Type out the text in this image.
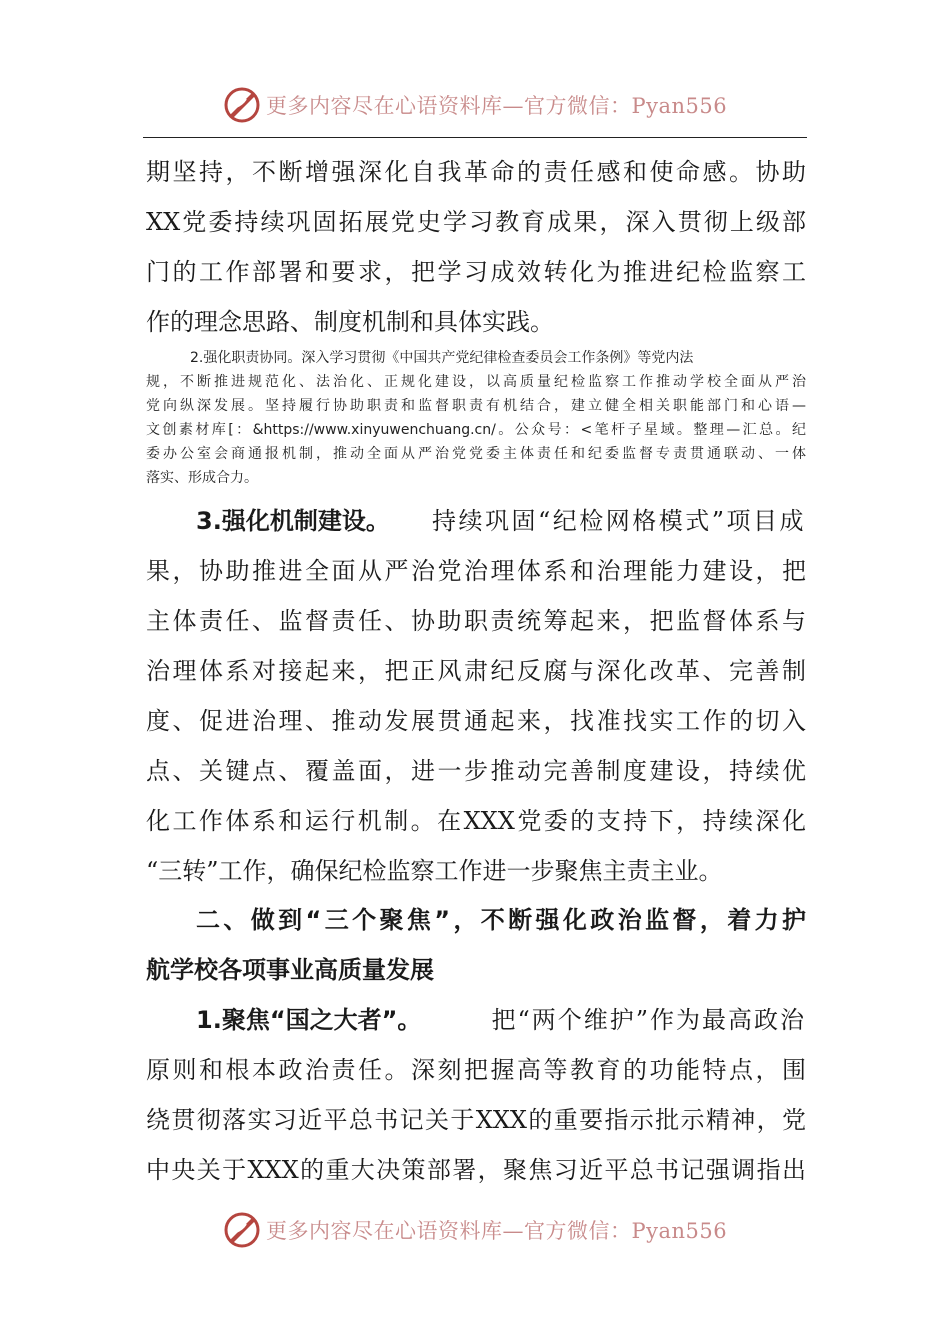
更多内容尽在心语资料库—官方微信：Pyan556
期坚持，不断增强深化自我革命的责任感和使命感。协助
XX党委持续巩固拓展党史学习教育成果，深入贯彻上级部
门的工作部署和要求，把学习成效转化为推进纪检监察工
作的理念思路、制度机制和具体实践。
2.强化职责协同。深入学习贯彻《中国共产党纪律检查委员会工作条例》等党内法
规，不断推进规范化、法治化、正规化建设，以高质量纪检监察工作推动学校全面从严治
党向纵深发展。坚持履行协助职责和监督职责有机结合，建立健全相关职能部门和心语—
文创素材库[：&https://www.xinyuwenchuang.cn/。公众号：<笔杆子星域。整理—汇总。纪
委办公室会商通报机制，推动全面从严治党党委主体责任和纪委监督专责贯通联动、一体
落实、形成合力。
3.强化机制建设。 持续巩固“纪检网格模式”项目成
果，协助推进全面从严治党治理体系和治理能力建设，把
主体责任、监督责任、协助职责统筹起来，把监督体系与
治理体系对接起来，把正风肃纪反腐与深化改革、完善制
度、促进治理、推动发展贯通起来，找准找实工作的切入
点、关键点、覆盖面，进一步推动完善制度建设，持续优
化工作体系和运行机制。在XXX党委的支持下，持续深化
“三转”工作，确保纪检监察工作进一步聚焦主责主业。
二、做到“三个聚焦”，不断强化政治监督，着力护
航学校各项事业高质量发展
1.聚焦“国之大者”。	把“两个维护”作为最高政治
原则和根本政治责任。深刻把握高等教育的功能特点，围
绕贯彻落实习近平总书记关于XXX的重要指示批示精神，党
中央关于XXX的重大决策部署，聚焦习近平总书记强调指出
更多内容尽在心语资料库—官方微信：Pyan556
